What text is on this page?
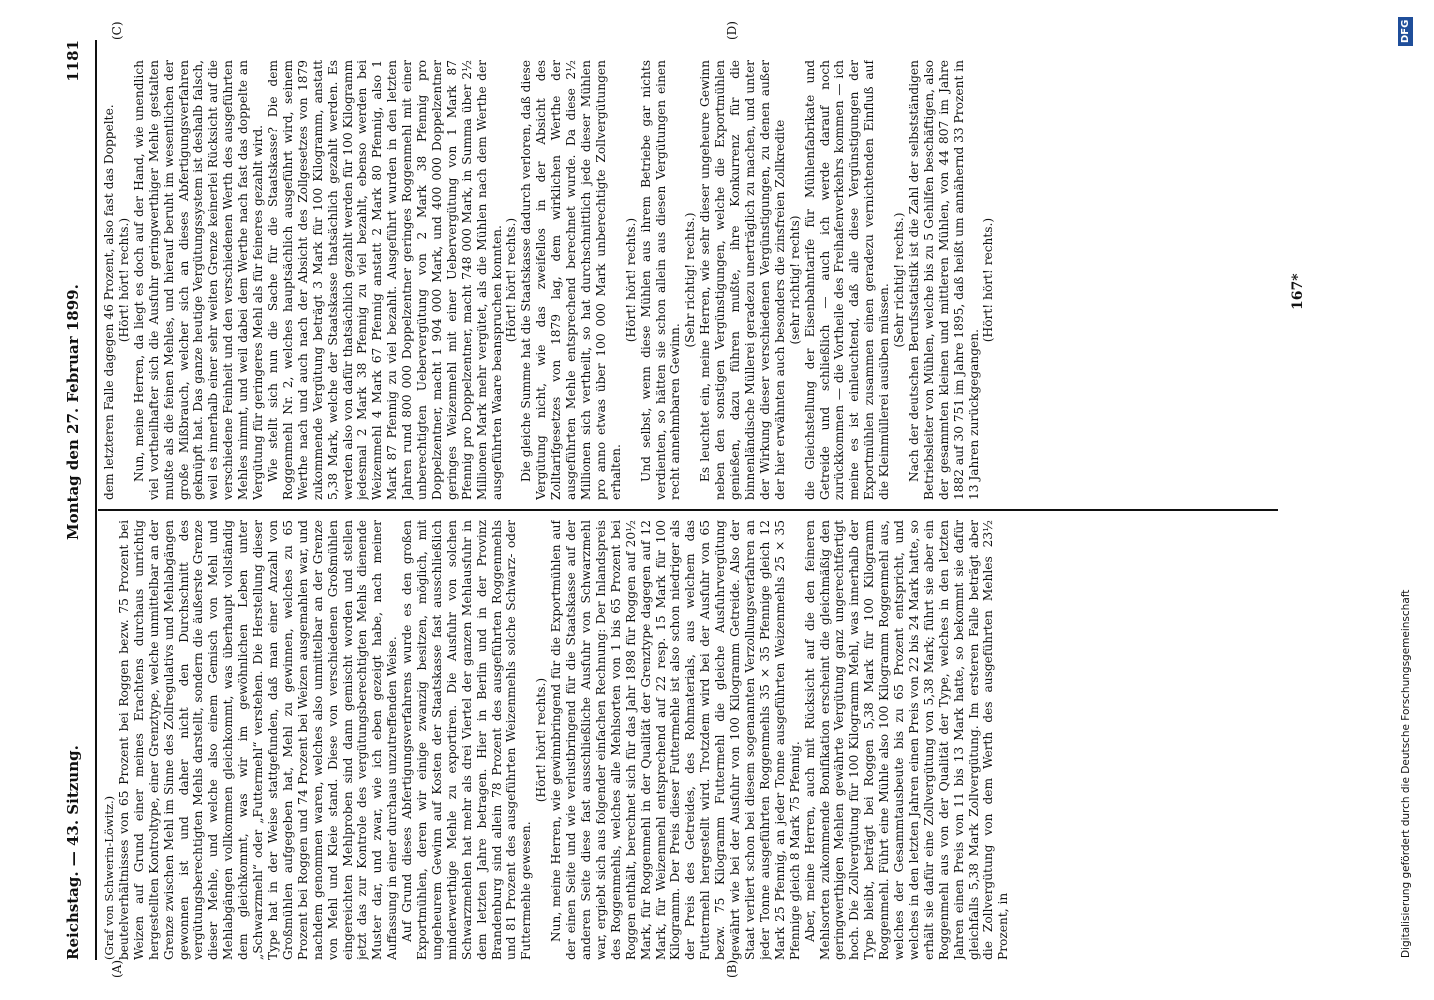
Reichstag. — 43. Sitzung.
Montag den 27. Februar 1899.
1181
(A)	(B)
(C)	(D)

(Graf von Schwerin-Löwitz.) beutelverhältnisses von 65 Prozent bei Roggen bezw. 75 Prozent bei Weizen auf Grund einer meines Erachtens durchaus unrichtig hergestellten Kontroltype, einer Grenztype, welche unmittelbar an der Grenze zwischen Mehl im Sinne des Zollregulativs und Mehlabgängen gewonnen ist und daher nicht den Durchschnitt des vergütungsberechtigten Mehls darstellt, sondern die äußerste Grenze dieser Mehle, und welche also einem Gemisch von Mehl und Mehlabgängen vollkommen gleichkommt, was überhaupt vollständig dem gleichkommt, was wir im gewöhnlichen Leben unter „Schwarzmehl“ oder „Futtermehl“ verstehen. Die Herstellung dieser Type hat in der Weise stattgefunden, daß man einer Anzahl von Großmühlen aufgegeben hat, Mehl zu gewinnen, welches zu 65 Prozent bei Roggen und 74 Prozent bei Weizen ausgemahlen war, und nachdem genommen waren, welches also unmittelbar an der Grenze von Mehl und Kleie stand. Diese von verschiedenen Großmühlen eingereichten Mehlproben sind dann gemischt worden und stellen jetzt das zur Kontrole des vergütungsberechtigten Mehls dienende Muster dar, und zwar, wie ich eben gezeigt habe, nach meiner Auffassung in einer durchaus unzutreffenden Weise. Auf Grund dieses Abfertigungsverfahrens wurde es den großen Exportmühlen, deren wir einige zwanzig besitzen, möglich, mit ungeheurem Gewinn auf Kosten der Staatskasse fast ausschließlich minderwerthige Mehle zu exportiren. Die Ausfuhr von solchen Schwarzmehlen hat mehr als drei Viertel der ganzen Mehlausfuhr in dem letzten Jahre betragen. Hier in Berlin und in der Provinz Brandenburg sind allein 78 Prozent des ausgeführten Roggenmehls und 81 Prozent des ausgeführten Weizenmehls solche Schwarz- oder Futtermehle gewesen.

(Hört! hört! rechts.) Nun, meine Herren, wie gewinnbringend für die Exportmühlen auf der einen Seite und wie verlustbringend für die Staatskasse auf der anderen Seite diese fast ausschließliche Ausfuhr von Schwarzmehl war, ergiebt sich aus folgender einfachen Rechnung: Der Inlandspreis des Roggenmehls, welches alle Mehlsorten von 1 bis 65 Prozent bei Roggen enthält, berechnet sich für das Jahr 1898 für Roggen auf 20½ Mark, für Roggenmehl in der Qualität der Grenztype dagegen auf 12 Mark, für Weizenmehl entsprechend auf 22 resp. 15 Mark für 100 Kilogramm. Der Preis dieser Futtermehle ist also schon niedriger als der Preis des Getreides, des Rohmaterials, aus welchem das Futtermehl hergestellt wird. Trotzdem wird bei der Ausfuhr von 65 bezw. 75 Kilogramm Futtermehl die gleiche Ausfuhrvergütung gewährt wie bei der Ausfuhr von 100 Kilogramm Getreide. Also der Staat verliert schon bei diesem sogenannten Verzollungsverfahren an jeder Tonne ausgeführten Roggenmehls 35 × 35 Pfennige gleich 12 Mark 25 Pfennig, an jeder Tonne ausgeführten Weizenmehls 25 × 35 Pfennige gleich 8 Mark 75 Pfennig. Aber, meine Herren, auch mit Rücksicht auf die den feineren Mehlsorten zukommende Bonifikation erscheint die gleichmäßig den geringwerthigen Mehlen gewährte Vergütung ganz ungerechtfertigt hoch. Die Zollvergütung für 100 Kilogramm Mehl, was innerhalb der Type bleibt, beträgt bei Roggen 5,38 Mark für 100 Kilogramm Roggenmehl. Führt eine Mühle also 100 Kilogramm Roggenmehl aus, welches der Gesammtausbeute bis zu 65 Prozent entspricht, und welches in den letzten Jahren einen Preis von 22 bis 24 Mark hatte, so erhält sie dafür eine Zollvergütung von 5,38 Mark; führt sie aber ein Roggenmehl aus von der Qualität der Type, welches in den letzten Jahren einen Preis von 11 bis 13 Mark hatte, so bekommt sie dafür gleichfalls 5,38 Mark Zollvergütung. Im ersteren Falle beträgt aber die Zollvergütung von dem Werth des ausgeführten Mehles 23½ Prozent, in

dem letzteren Falle dagegen 46 Prozent, also fast das Doppelte. (Hört! hört! rechts.) Nun, meine Herren, da liegt es doch auf der Hand, wie unendlich viel vortheilhafter sich die Ausfuhr geringwerthiger Mehle gestalten mußte als die feinen Mehles, und hierauf beruht im wesentlichen der große Mißbrauch, welcher sich an dieses Abfertigungsverfahren geknüpft hat. Das ganze heutige Vergütungssystem ist deshalb falsch, weil es innerhalb einer sehr weiten Grenze keinerlei Rücksicht auf die verschiedene Feinheit und den verschiedenen Werth des ausgeführten Mehles nimmt, und weil dabei dem Werthe nach fast das doppelte an Vergütung für geringeres Mehl als für feineres gezahlt wird. Wie stellt sich nun die Sache für die Staatskasse? Die dem Roggenmehl Nr. 2, welches hauptsächlich ausgeführt wird, seinem Werthe nach und auch nach der Absicht des Zollgesetzes von 1879 zukommende Vergütung beträgt 3 Mark für 100 Kilogramm, anstatt 5,38 Mark, welche der Staatskasse thatsächlich gezahlt werden. Es werden also von dafür thatsächlich gezahlt werden für 100 Kilogramm jedesmal 2 Mark 38 Pfennig zu viel bezahlt, ebenso werden bei Weizenmehl 4 Mark 67 Pfennig anstatt 2 Mark 80 Pfennig, also 1 Mark 87 Pfennig zu viel bezahlt. Ausgeführt wurden in den letzten Jahren rund 800 000 Doppelzentner geringes Roggenmehl mit einer unberechtigten Uebervergütung von 2 Mark 38 Pfennig pro Doppelzentner, macht 1 904 000 Mark, und 400 000 Doppelzentner geringes Weizenmehl mit einer Uebervergütung von 1 Mark 87 Pfennig pro Doppelzentner, macht 748 000 Mark, in Summa über 2½ Millionen Mark mehr vergütet, als die Mühlen nach dem Werthe der ausgeführten Waare beanspruchen konnten. (Hört! hört! rechts.) Die gleiche Summe hat die Staatskasse dadurch verloren, daß diese Vergütung nicht, wie das zweifellos in der Absicht des Zolltarifgesetzes von 1879 lag, dem wirklichen Werthe der ausgeführten Mehle entsprechend berechnet wurde. Da diese 2½ Millionen sich vertheilt, so hat durchschnittlich jede dieser Mühlen pro anno etwas über 100 000 Mark unberechtigte Zollvergütungen erhalten.

(Hört! hört! rechts.) Und selbst, wenn diese Mühlen aus ihrem Betriebe gar nichts verdienten, so hätten sie schon allein aus diesen Vergütungen einen recht annehmbaren Gewinn.

(Sehr richtig! rechts.) Es leuchtet ein, meine Herren, wie sehr dieser ungeheure Gewinn neben den sonstigen Vergünstigungen, welche die Exportmühlen genießen, dazu führen mußte, ihre Konkurrenz für die binnenländische Müllerei geradezu unerträglich zu machen, und unter der Wirkung dieser verschiedenen Vergünstigungen, zu denen außer der hier erwähnten auch besonders die zinsfreien Zollkredite (sehr richtig! rechts) die Gleichstellung der Eisenbahntarife für Mühlenfabrikate und Getreide und schließlich — auch ich werde darauf noch zurückkommen — die Vortheile des Freihafenverkehrs kommen — ich meine es ist einleuchtend, daß alle diese Vergünstigungen der Exportmühlen zusammen einen geradezu vernichtenden Einfluß auf die Kleinmüllerei ausüben müssen.

(Sehr richtig! rechts.) Nach der deutschen Berufsstatistik ist die Zahl der selbstständigen Betriebsleiter von Mühlen, welche bis zu 5 Gehilfen beschäftigen, also der gesammten kleinen und mittleren Mühlen, von 44 807 im Jahre 1882 auf 30 751 im Jahre 1895, daß heißt um annähernd 33 Prozent in 13 Jahren zurückgegangen.

(Hört! hört! rechts.)	167*
Digitalisierung gefördert durch die Deutsche Forschungsgemeinschaft
DFG
